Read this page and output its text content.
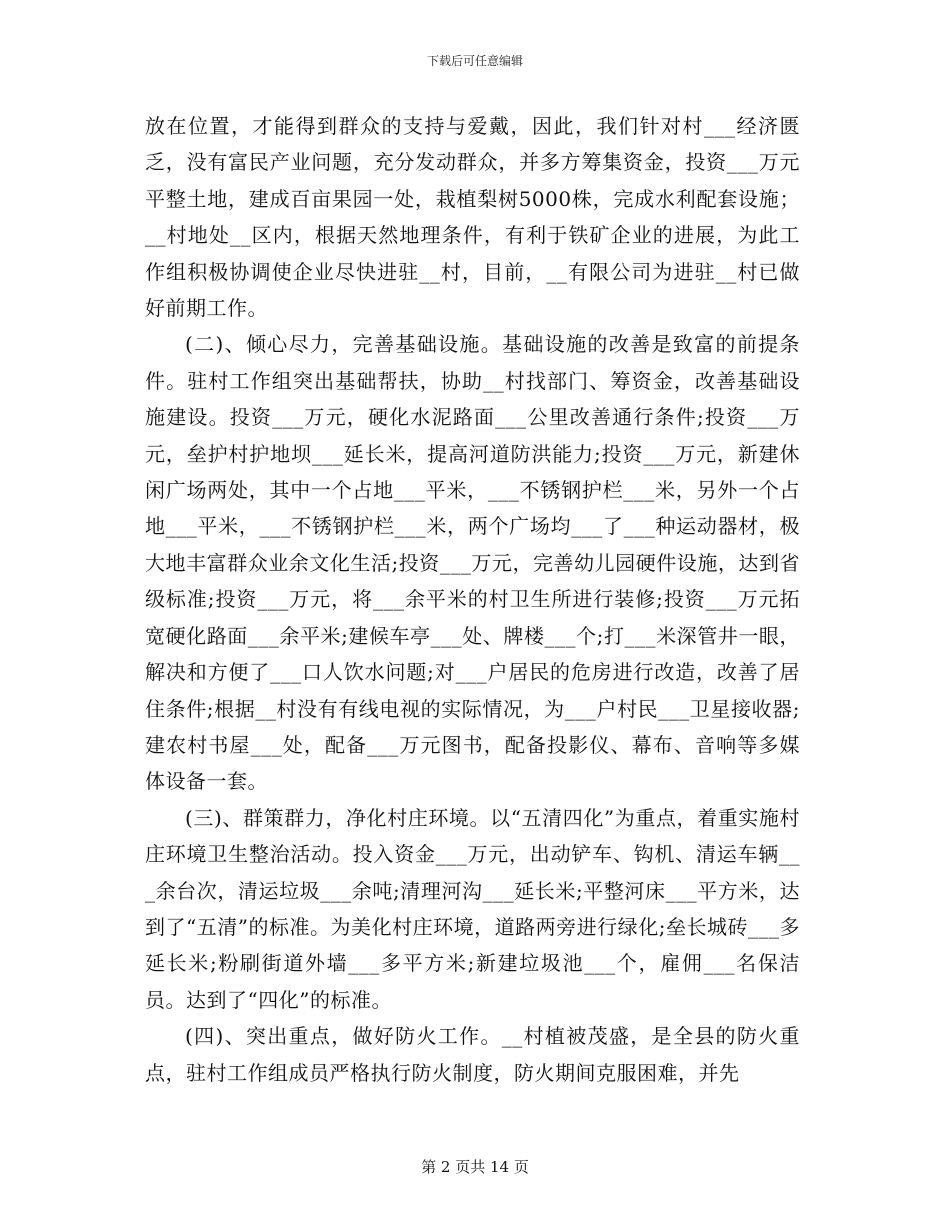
下载后可任意编辑

放在位置，才能得到群众的支持与爱戴，因此，我们针对村___经济匮乏，没有富民产业问题，充分发动群众，并多方筹集资金，投资___万元平整土地，建成百亩果园一处，栽植梨树5000株，完成水利配套设施；__村地处__区内，根据天然地理条件，有利于铁矿企业的进展，为此工作组积极协调使企业尽快进驻__村，目前，__有限公司为进驻__村已做好前期工作。

(二)、倾心尽力，完善基础设施。基础设施的改善是致富的前提条件。驻村工作组突出基础帮扶，协助__村找部门、筹资金，改善基础设施建设。投资___万元，硬化水泥路面___公里改善通行条件;投资___万元，垒护村护地坝___延长米，提高河道防洪能力;投资___万元，新建休闲广场两处，其中一个占地___平米，___不锈钢护栏___米，另外一个占地___平米，___不锈钢护栏___米，两个广场均___了___种运动器材，极大地丰富群众业余文化生活;投资___万元，完善幼儿园硬件设施，达到省级标准;投资___万元，将___余平米的村卫生所进行装修;投资___万元拓宽硬化路面___余平米;建候车亭___处、牌楼___个;打___米深管井一眼，解决和方便了___口人饮水问题;对___户居民的危房进行改造，改善了居住条件;根据__村没有有线电视的实际情况，为___户村民___卫星接收器;建农村书屋___处，配备___万元图书，配备投影仪、幕布、音响等多媒体设备一套。

(三)、群策群力，净化村庄环境。以“五清四化”为重点，着重实施村庄环境卫生整治活动。投入资金___万元，出动铲车、钩机、清运车辆___余台次，清运垃圾___余吨;清理河沟___延长米;平整河床___平方米，达到了“五清”的标准。为美化村庄环境，道路两旁进行绿化;垒长城砖___多延长米;粉刷街道外墙___多平方米;新建垃圾池___个，雇佣___名保洁员。达到了“四化”的标准。

(四)、突出重点，做好防火工作。__村植被茂盛，是全县的防火重点，驻村工作组成员严格执行防火制度，防火期间克服困难，并先

第 2 页共 14 页
